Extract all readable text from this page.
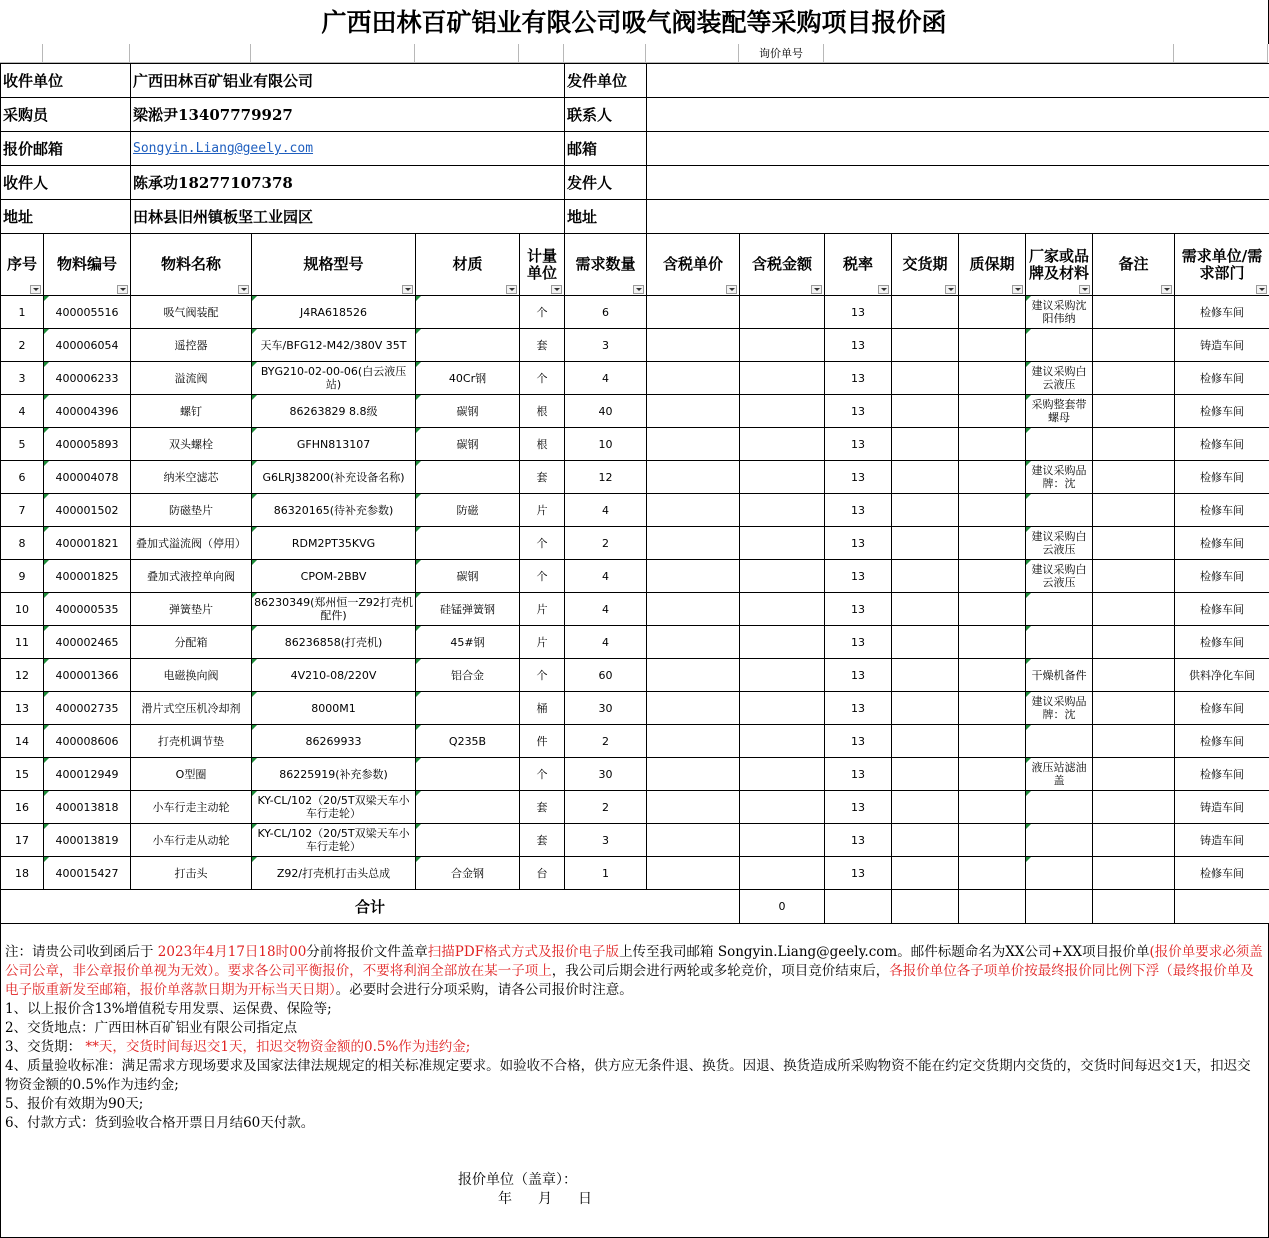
广西田林百矿铝业有限公司吸气阀装配等采购项目报价函
询价单号
收件单位		广西田林百矿铝业有限公司				发件单位								
采购员		梁淞尹13407779927				联系人								
报价邮箱		Songyin.Liang@geely.com				邮箱								
收件人		陈承功18277107378				发件人								
地址		田林县旧州镇板坚工业园区				地址								
序号	物料编号	物料名称	规格型号	材质	计量单位	需求数量	含税单价	含税金额	税率	交货期	质保期	厂家或品牌及材料	备注	需求单位/需求部门

1	400005516	吸气阀装配	J4RA618526		个	6			13			建议采购沈阳伟纳		检修车间
2	400006054	遥控器	天车/BFG12-M42/380V 35T		套	3			13					铸造车间
3	400006233	溢流阀	BYG210-02-00-06(白云液压站)	40Cr钢	个	4			13			建议采购白云液压		检修车间
4	400004396	螺钉	86263829 8.8级	碳钢	根	40			13			采购整套带螺母		检修车间
5	400005893	双头螺栓	GFHN813107	碳钢	根	10			13					检修车间
6	400004078	纳米空滤芯	G6LRJ38200(补充设备名称)		套	12			13			建议采购品牌：沈		检修车间
7	400001502	防磁垫片	86320165(待补充参数)	防磁	片	4			13					检修车间
8	400001821	叠加式溢流阀（停用）	RDM2PT35KVG		个	2			13			建议采购白云液压		检修车间
9	400001825	叠加式液控单向阀	CPOM-2BBV	碳钢	个	4			13			建议采购白云液压		检修车间
10	400000535	弹簧垫片	86230349(郑州恒一Z92打壳机配件)	硅锰弹簧钢	片	4			13					检修车间
11	400002465	分配箱	86236858(打壳机)	45#钢	片	4			13					检修车间
12	400001366	电磁换向阀	4V210-08/220V	铝合金	个	60			13			干燥机备件		供料净化车间
13	400002735	滑片式空压机冷却剂	8000M1		桶	30			13			建议采购品牌：沈		检修车间
14	400008606	打壳机调节垫	86269933	Q235B	件	2			13					检修车间
15	400012949	O型圈	86225919(补充参数)		个	30			13			液压站滤油盖		检修车间
16	400013818	小车行走主动轮	KY-CL/102（20/5T双梁天车小车行走轮）		套	2			13					铸造车间
17	400013819	小车行走从动轮	KY-CL/102（20/5T双梁天车小车行走轮）		套	3			13					铸造车间
18	400015427	打击头	Z92/打壳机打击头总成	合金钢	台	1			13					检修车间
合计								0						

注：请贵公司收到函后于 2023年4月17日18时00分前将报价文件盖章扫描PDF格式方式及报价电子版上传至我司邮箱 Songyin.Liang@geely.com。邮件标题命名为XX公司+XX项目报价单(报价单要求必须盖公司公章，非公章报价单视为无效）。要求各公司平衡报价，不要将利润全部放在某一子项上，我公司后期会进行两轮或多轮竞价，项目竞价结束后，各报价单位各子项单价按最终报价同比例下浮（最终报价单及电子版重新发至邮箱，报价单落款日期为开标当天日期）。必要时会进行分项采购，请各公司报价时注意。

1、以上报价含13%增值税专用发票、运保费、保险等;

2、交货地点：广西田林百矿铝业有限公司指定点

3、交货期： **天，交货时间每迟交1天，扣迟交物资金额的0.5%作为违约金;

4、质量验收标准：满足需求方现场要求及国家法律法规规定的相关标准规定要求。如验收不合格，供方应无条件退、换货。因退、换货造成所采购物资不能在约定交货期内交货的，交货时间每迟交1天，扣迟交物资金额的0.5%作为违约金;

5、报价有效期为90天;

6、付款方式：货到验收合格开票日月结60天付款。

报价单位（盖章）：
年 月 日
